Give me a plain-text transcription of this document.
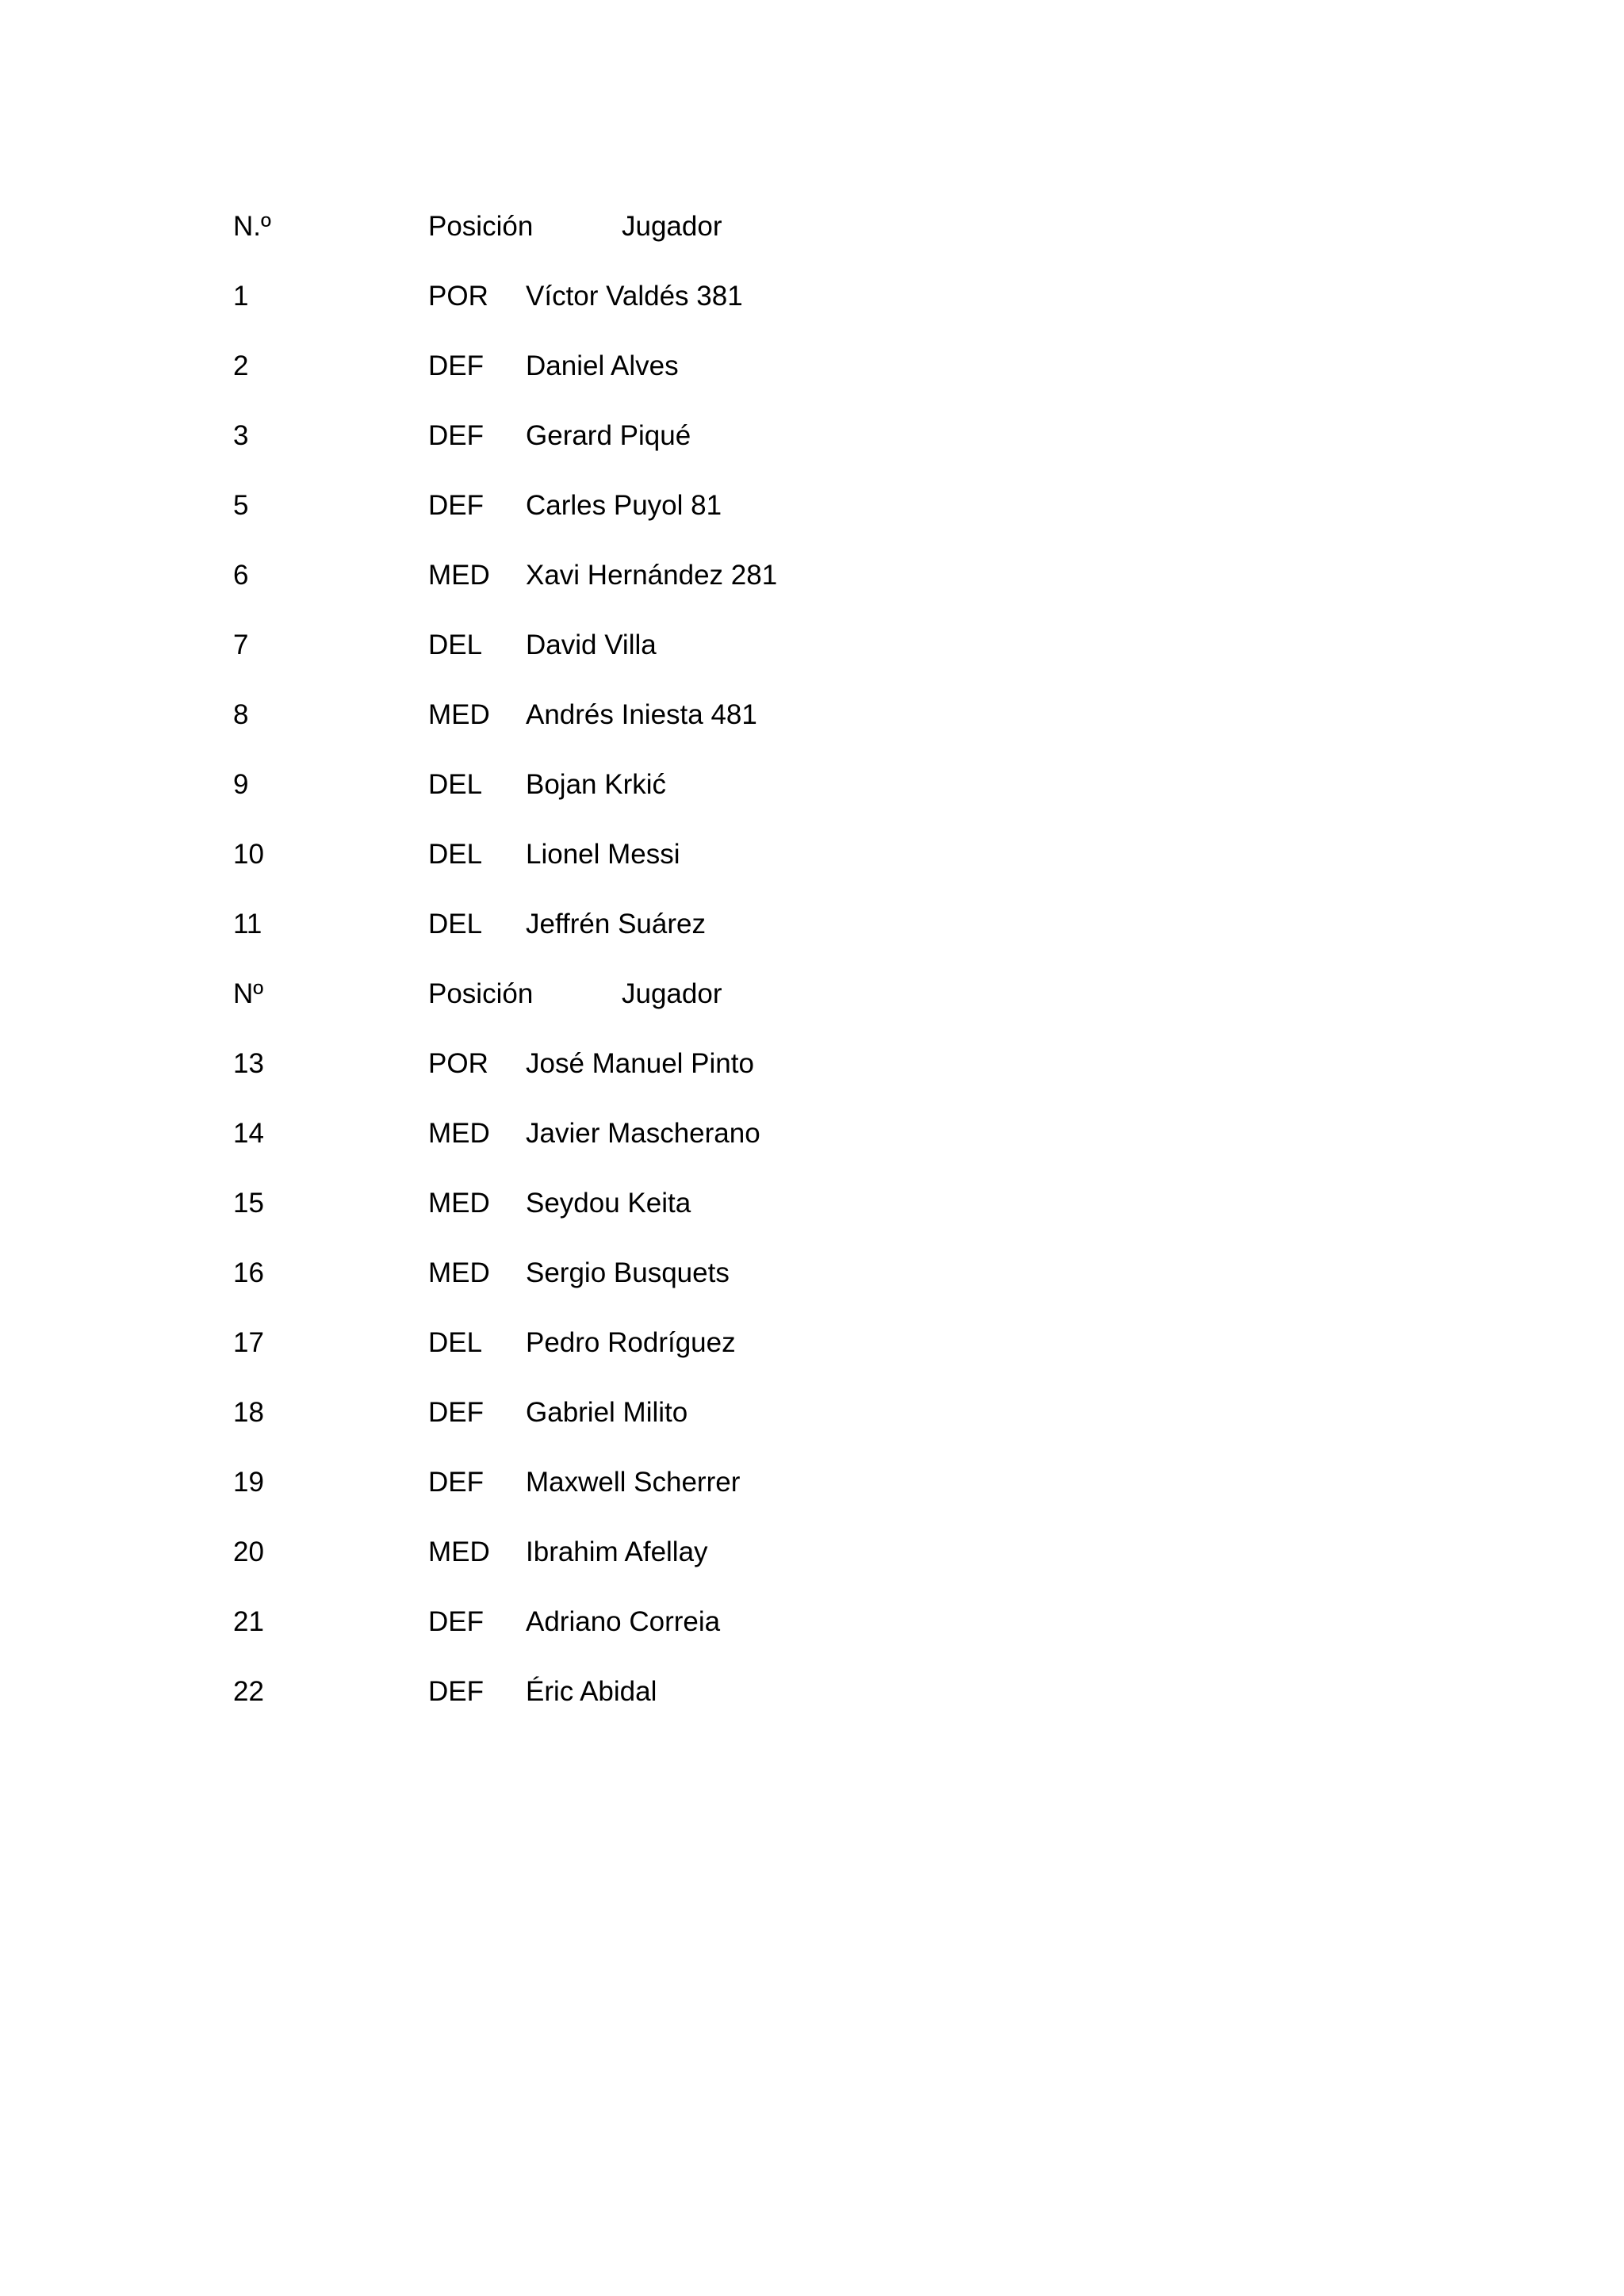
N.º	Posición	Jugador
1	POR Víctor Valdés 381
2	DEF Daniel Alves
3	DEF Gerard Piqué
5	DEF Carles Puyol 81
6	MED Xavi Hernández 281
7	DEL David Villa
8	MED Andrés Iniesta 481
9	DEL Bojan Krkić
10	DEL Lionel Messi
11	DEL Jeffrén Suárez
Nº	Posición	Jugador
13	POR José Manuel Pinto
14	MED Javier Mascherano
15	MED Seydou Keita
16	MED Sergio Busquets
17	DEL Pedro Rodríguez
18	DEF Gabriel Milito
19	DEF Maxwell Scherrer
20	MED Ibrahim Afellay
21	DEF Adriano Correia
22	DEF Éric Abidal
